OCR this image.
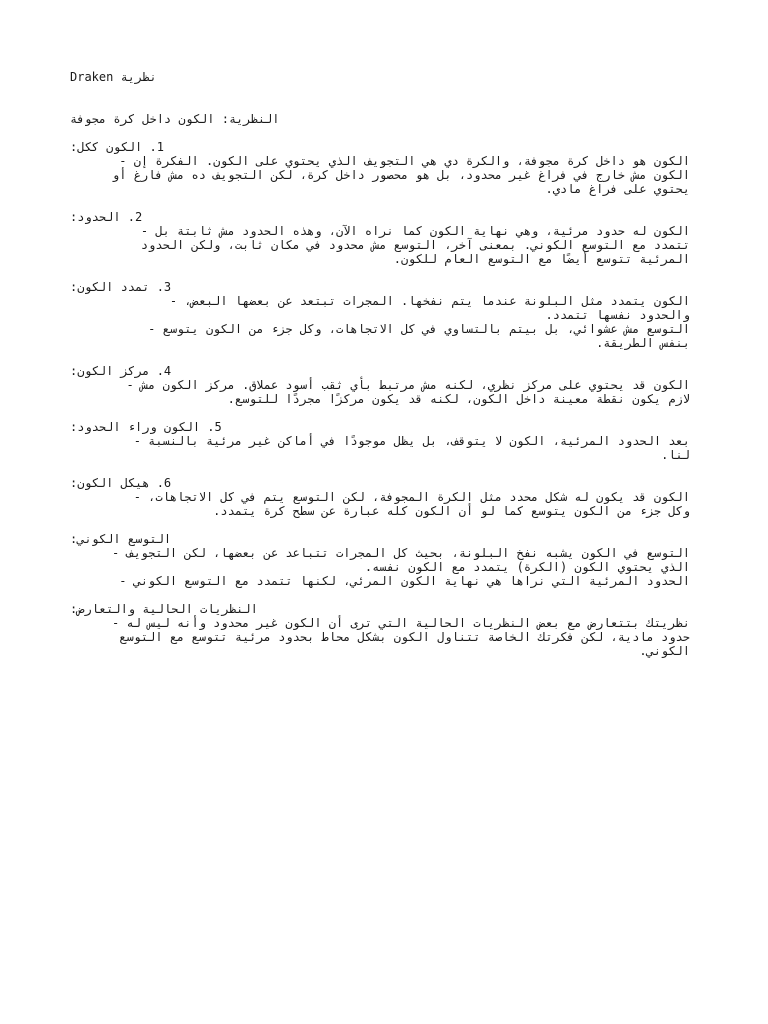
نظرية Draken
النظرية: الكون داخل كرة مجوفة
1. الكون ككل:
الكون هو داخل كرة مجوفة، والكرة دي هي التجويف الذي يحتوي على الكون. الفكرة إن -
الكون مش خارج في فراغ غير محدود، بل هو محصور داخل كرة، لكن التجويف ده مش فارغ أو
يحتوي على فراغ مادي.
2. الحدود:
الكون له حدود مرئية، وهي نهاية الكون كما نراه الآن، وهذه الحدود مش ثابتة بل -
تتمدد مع التوسع الكوني. بمعنى آخر، التوسع مش محدود في مكان ثابت، ولكن الحدود
المرئية تتوسع أيضًا مع التوسع العام للكون.
3. تمدد الكون:
الكون يتمدد مثل البلونة عندما يتم نفخها. المجرات تبتعد عن بعضها البعض، -
والحدود نفسها تتمدد.
التوسع مش عشوائي، بل بيتم بالتساوي في كل الاتجاهات، وكل جزء من الكون يتوسع -
بنفس الطريقة.
4. مركز الكون:
الكون قد يحتوي على مركز نظري، لكنه مش مرتبط بأي ثقب أسود عملاق. مركز الكون مش -
لازم يكون نقطة معينة داخل الكون، لكنه قد يكون مركزًا مجردًا للتوسع.
5. الكون وراء الحدود:
بعد الحدود المرئية، الكون لا يتوقف، بل يظل موجودًا في أماكن غير مرئية بالنسبة -
لنا.
6. هيكل الكون:
الكون قد يكون له شكل محدد مثل الكرة المجوفة، لكن التوسع يتم في كل الاتجاهات، -
وكل جزء من الكون يتوسع كما لو أن الكون كله عبارة عن سطح كرة يتمدد.
التوسع الكوني:
التوسع في الكون يشبه نفخ البلونة، بحيث كل المجرات تتباعد عن بعضها، لكن التجويف -
الذي يحتوي الكون (الكرة) يتمدد مع الكون نفسه.
الحدود المرئية التي نراها هي نهاية الكون المرئي، لكنها تتمدد مع التوسع الكوني -
النظريات الحالية والتعارض:
نظريتك بتتعارض مع بعض النظريات الحالية التي ترى أن الكون غير محدود وأنه ليس له -
حدود مادية، لكن فكرتك الخاصة تتناول الكون بشكل محاط بحدود مرئية تتوسع مع التوسع
الكوني.
